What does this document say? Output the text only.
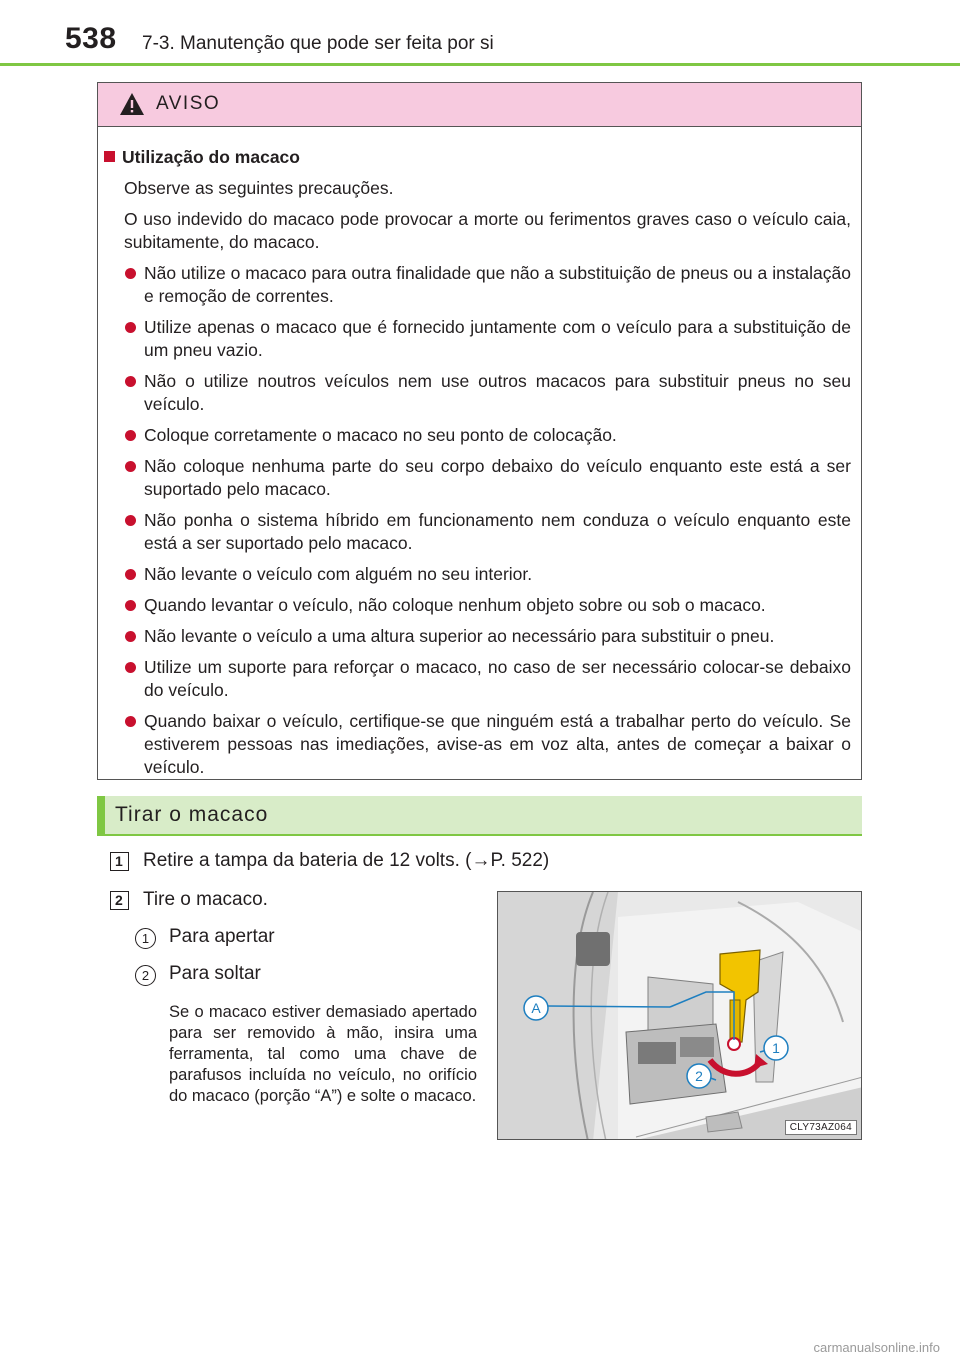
538 7-3. Manutenção que pode ser feita por si
AVISO
Utilização do macaco
Observe as seguintes precauções.
O uso indevido do macaco pode provocar a morte ou ferimentos graves caso o veículo caia, subitamente, do macaco.
Não utilize o macaco para outra finalidade que não a substituição de pneus ou a instalação e remoção de correntes.
Utilize apenas o macaco que é fornecido juntamente com o veículo para a substituição de um pneu vazio.
Não o utilize noutros veículos nem use outros macacos para substituir pneus no seu veículo.
Coloque corretamente o macaco no seu ponto de colocação.
Não coloque nenhuma parte do seu corpo debaixo do veículo enquanto este está a ser suportado pelo macaco.
Não ponha o sistema híbrido em funcionamento nem conduza o veículo enquanto este está a ser suportado pelo macaco.
Não levante o veículo com alguém no seu interior.
Quando levantar o veículo, não coloque nenhum objeto sobre ou sob o macaco.
Não levante o veículo a uma altura superior ao necessário para substituir o pneu.
Utilize um suporte para reforçar o macaco, no caso de ser necessário colocar-se debaixo do veículo.
Quando baixar o veículo, certifique-se que ninguém está a trabalhar perto do veículo. Se estiverem pessoas nas imediações, avise-as em voz alta, antes de começar a baixar o veículo.
Tirar o macaco
1 Retire a tampa da bateria de 12 volts. (→P. 522)
2 Tire o macaco.
1	Para apertar
2	Para soltar
Se o macaco estiver demasiado apertado para ser removido à mão, insira uma ferramenta, tal como uma chave de parafusos incluída no veículo, no orifício do macaco (porção “A”) e solte o macaco.
A
1
2
CLY73AZ064
carmanualsonline.info
